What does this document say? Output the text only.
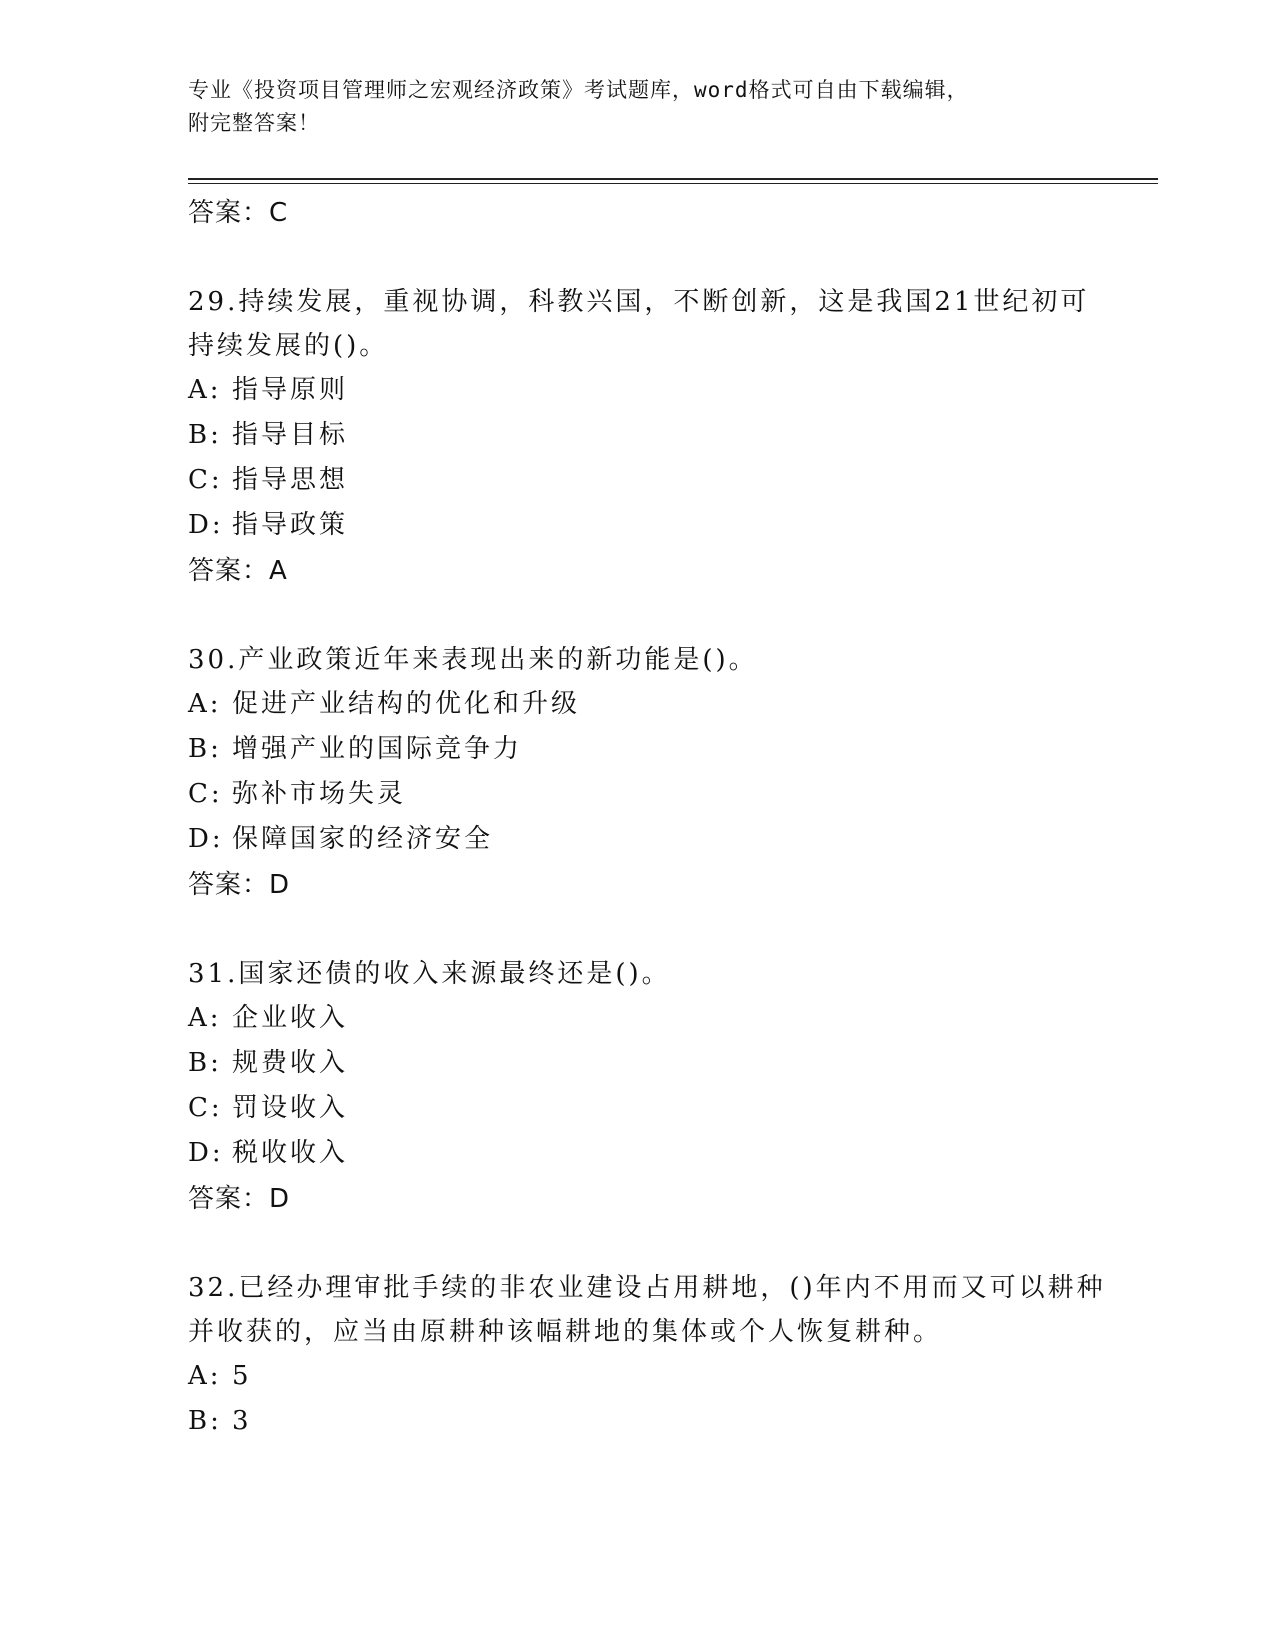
专业《投资项目管理师之宏观经济政策》考试题库，word格式可自由下载编辑，
附完整答案！
答案：C
29.持续发展，重视协调，科教兴国，不断创新，这是我国21世纪初可持续发展的()。
A: 指导原则
B: 指导目标
C: 指导思想
D: 指导政策
答案：A
30.产业政策近年来表现出来的新功能是()。
A: 促进产业结构的优化和升级
B: 增强产业的国际竞争力
C: 弥补市场失灵
D: 保障国家的经济安全
答案：D
31.国家还债的收入来源最终还是()。
A: 企业收入
B: 规费收入
C: 罚设收入
D: 税收收入
答案：D
32.已经办理审批手续的非农业建设占用耕地，()年内不用而又可以耕种并收获的，应当由原耕种该幅耕地的集体或个人恢复耕种。
A: 5
B: 3
